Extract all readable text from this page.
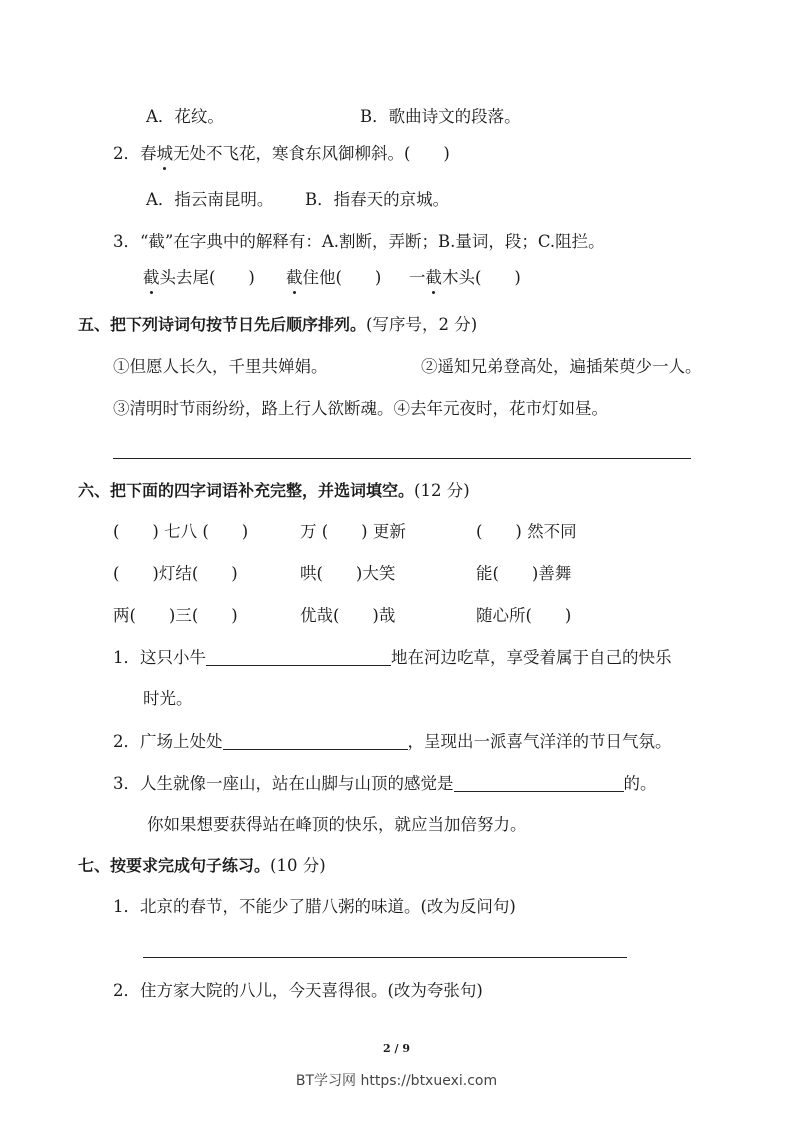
A．花纹。	B．歌曲诗文的段落。
2．春城无处不飞花，寒食东风御柳斜。(　　)
A．指云南昆明。 B．指春天的京城。
3．“截”在字典中的解释有：A.割断，弄断；B.量词，段；C.阻拦。
截头去尾(　　) 截住他(　　) 一截木头(　　)
五、把下列诗词句按节日先后顺序排列。(写序号，2 分)
①但愿人长久，千里共婵娟。	②遥知兄弟登高处，遍插茱萸少一人。
③清明时节雨纷纷，路上行人欲断魂。④去年元夜时，花市灯如昼。
六、把下面的四字词语补充完整，并选词填空。(12 分)
(　　) 七八 (　　)	万 (　　) 更新	(　　) 然不同
(　　)灯结(　　)	哄(　　)大笑	能(　　)善舞
两(　　)三(　　)	优哉(　　)哉	随心所(　　)
1．这只小牛	地在河边吃草，享受着属于自己的快乐
时光。
2．广场上处处	，呈现出一派喜气洋洋的节日气氛。
3．人生就像一座山，站在山脚与山顶的感觉是	的。
你如果想要获得站在峰顶的快乐，就应当加倍努力。
七、按要求完成句子练习。(10 分)
1．北京的春节，不能少了腊八粥的味道。(改为反问句)
2．住方家大院的八儿，今天喜得很。(改为夸张句)
2 / 9
BT学习网 https://btxuexi.com
